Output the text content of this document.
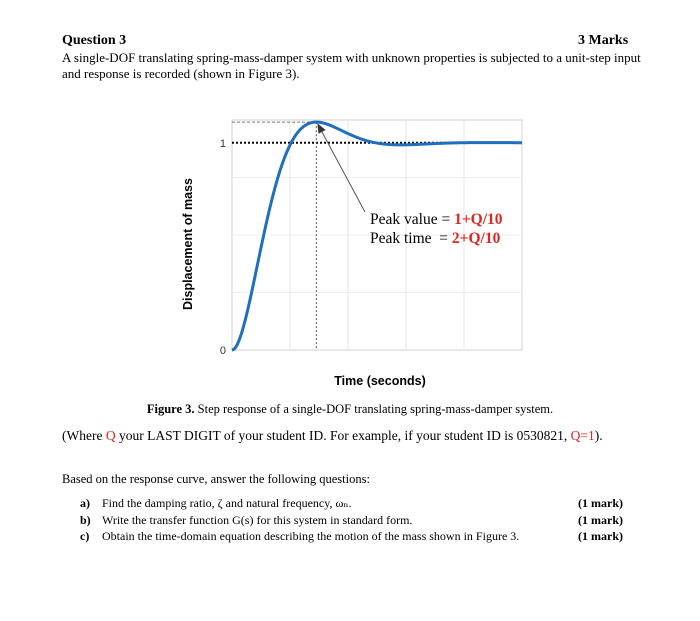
Question 3	3 Marks
A single-DOF translating spring-mass-damper system with unknown properties is subjected to a unit-step input
and response is recorded (shown in Figure 3).
1
0
Displacement of mass	Peak value = 1+Q/10
Peak time  = 2+Q/10
Time (seconds)
Figure 3. Step response of a single-DOF translating spring-mass-damper system.
(Where Q your LAST DIGIT of your student ID. For example, if your student ID is 0530821, Q=1).
Based on the response curve, answer the following questions:
a) Find the damping ratio, ζ and natural frequency, ωₙ.	(1 mark)
b) Write the transfer function G(s) for this system in standard form.	(1 mark)
c) Obtain the time-domain equation describing the motion of the mass shown in Figure 3.	(1 mark)
